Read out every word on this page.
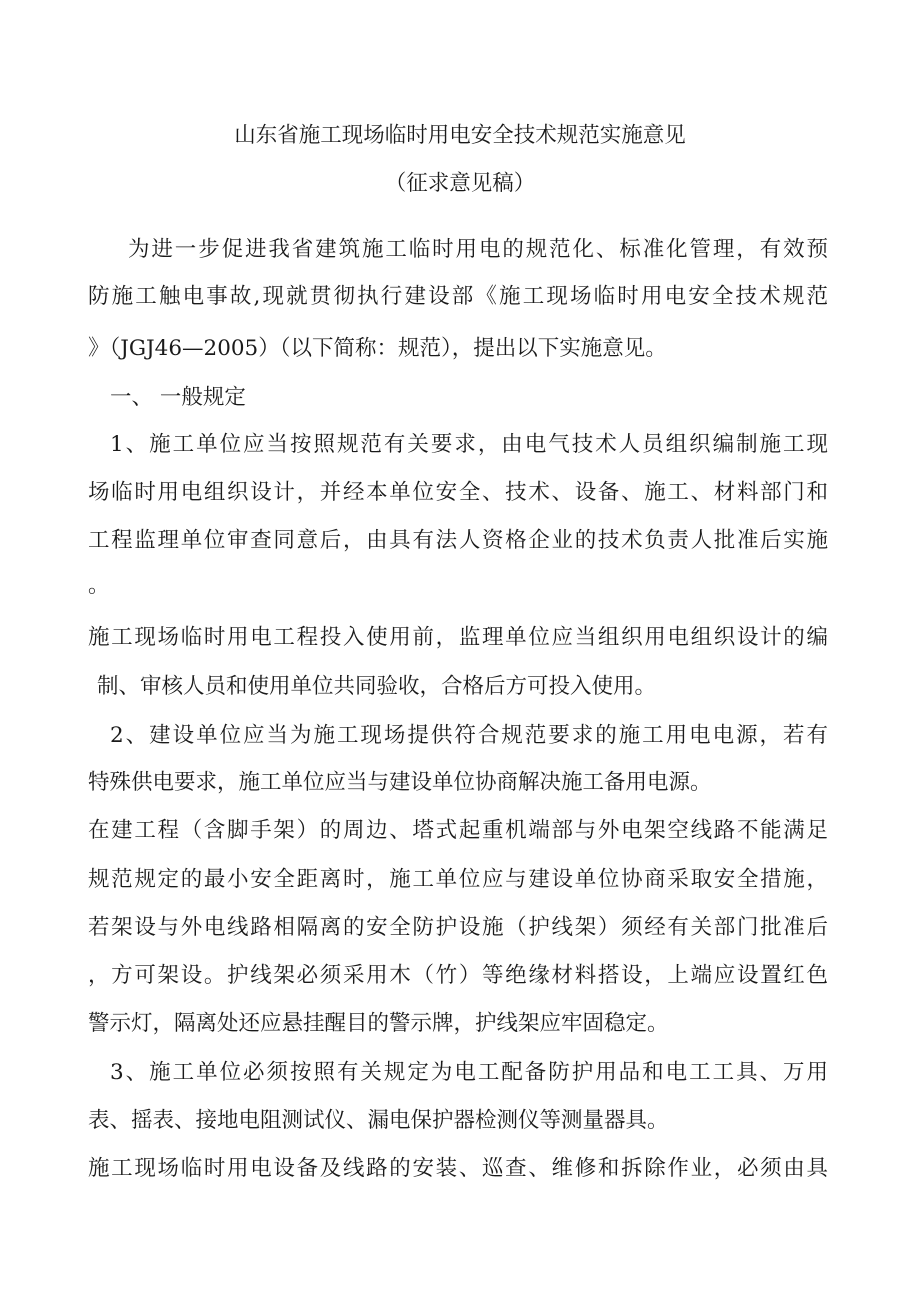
山东省施工现场临时用电安全技术规范实施意见
（征求意见稿）
为进一步促进我省建筑施工临时用电的规范化、标准化管理，有效预
防施工触电事故,现就贯彻执行建设部《施工现场临时用电安全技术规范
》（JGJ46—2005）（以下简称：规范），提出以下实施意见。
一、 一般规定
1、施工单位应当按照规范有关要求，由电气技术人员组织编制施工现
场临时用电组织设计，并经本单位安全、技术、设备、施工、材料部门和
工程监理单位审查同意后，由具有法人资格企业的技术负责人批准后实施
。
施工现场临时用电工程投入使用前，监理单位应当组织用电组织设计的编
制、审核人员和使用单位共同验收，合格后方可投入使用。
2、建设单位应当为施工现场提供符合规范要求的施工用电电源，若有
特殊供电要求，施工单位应当与建设单位协商解决施工备用电源。
在建工程（含脚手架）的周边、塔式起重机端部与外电架空线路不能满足
规范规定的最小安全距离时，施工单位应与建设单位协商采取安全措施，
若架设与外电线路相隔离的安全防护设施（护线架）须经有关部门批准后
，方可架设。护线架必须采用木（竹）等绝缘材料搭设，上端应设置红色
警示灯，隔离处还应悬挂醒目的警示牌，护线架应牢固稳定。
3、施工单位必须按照有关规定为电工配备防护用品和电工工具、万用
表、摇表、接地电阻测试仪、漏电保护器检测仪等测量器具。
施工现场临时用电设备及线路的安装、巡查、维修和拆除作业，必须由具
